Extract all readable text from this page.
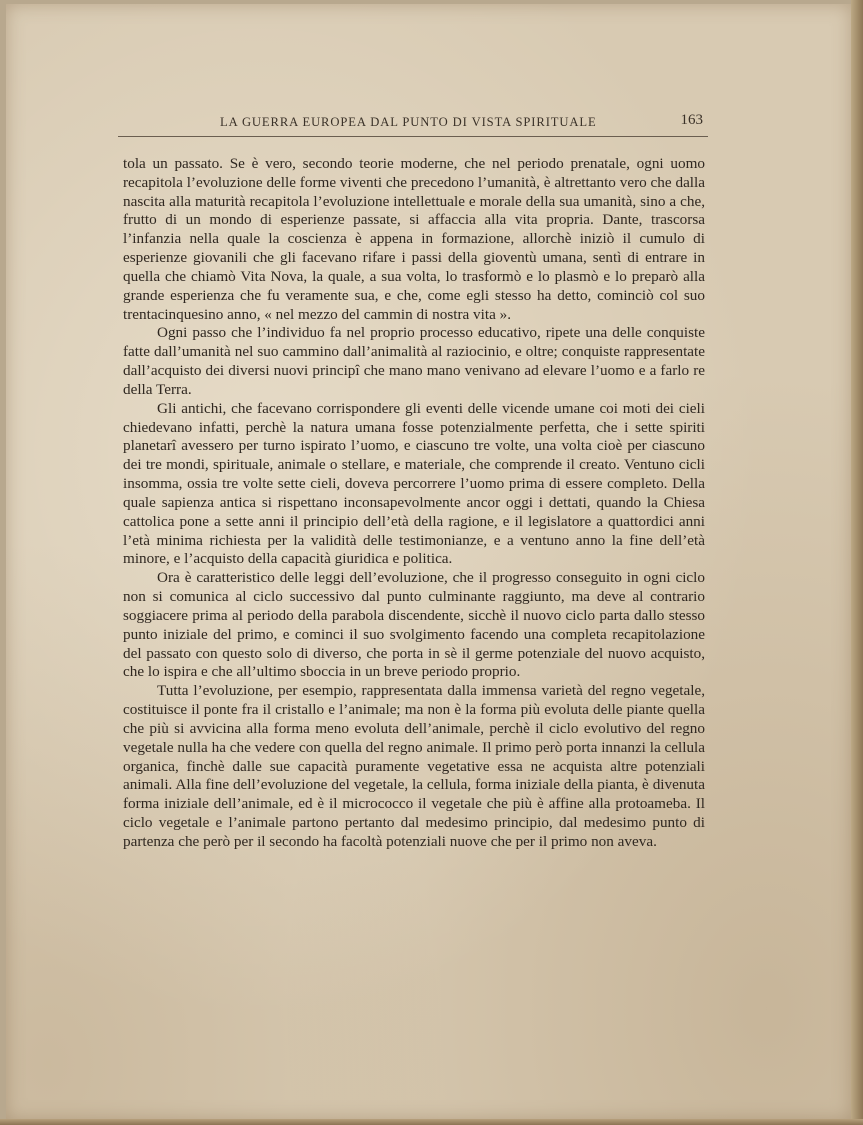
LA GUERRA EUROPEA DAL PUNTO DI VISTA SPIRITUALE	163

tola un passato. Se è vero, secondo teorie moderne, che nel periodo prenatale, ogni uomo recapitola l’evoluzione delle forme viventi che precedono l’umanità, è altrettanto vero che dalla nascita alla maturità recapitola l’evoluzione intellettuale e morale della sua umanità, sino a che, frutto di un mondo di esperienze passate, si affaccia alla vita propria. Dante, trascorsa l’infanzia nella quale la coscienza è appena in formazione, allorchè iniziò il cumulo di esperienze giovanili che gli facevano rifare i passi della gioventù umana, sentì di entrare in quella che chiamò Vita Nova, la quale, a sua volta, lo trasformò e lo plasmò e lo preparò alla grande esperienza che fu veramente sua, e che, come egli stesso ha detto, cominciò col suo trentacinquesino anno, « nel mezzo del cammin di nostra vita ».

Ogni passo che l’individuo fa nel proprio processo educativo, ripete una delle conquiste fatte dall’umanità nel suo cammino dall’animalità al raziocinio, e oltre; conquiste rappresentate dall’acquisto dei diversi nuovi principî che mano mano venivano ad elevare l’uomo e a farlo re della Terra.

Gli antichi, che facevano corrispondere gli eventi delle vicende umane coi moti dei cieli chiedevano infatti, perchè la natura umana fosse potenzialmente perfetta, che i sette spiriti planetarî avessero per turno ispirato l’uomo, e ciascuno tre volte, una volta cioè per ciascuno dei tre mondi, spirituale, animale o stellare, e materiale, che comprende il creato. Ventuno cicli insomma, ossia tre volte sette cieli, doveva percorrere l’uomo prima di essere completo. Della quale sapienza antica si rispettano inconsapevolmente ancor oggi i dettati, quando la Chiesa cattolica pone a sette anni il principio dell’età della ragione, e il legislatore a quattordici anni l’età minima richiesta per la validità delle testimonianze, e a ventuno anno la fine dell’età minore, e l’acquisto della capacità giuridica e politica.

Ora è caratteristico delle leggi dell’evoluzione, che il progresso conseguito in ogni ciclo non si comunica al ciclo successivo dal punto culminante raggiunto, ma deve al contrario soggiacere prima al periodo della parabola discendente, sicchè il nuovo ciclo parta dallo stesso punto iniziale del primo, e cominci il suo svolgimento facendo una completa recapitolazione del passato con questo solo di diverso, che porta in sè il germe potenziale del nuovo acquisto, che lo ispira e che all’ultimo sboccia in un breve periodo proprio.

Tutta l’evoluzione, per esempio, rappresentata dalla immensa varietà del regno vegetale, costituisce il ponte fra il cristallo e l’animale; ma non è la forma più evoluta delle piante quella che più si avvicina alla forma meno evoluta dell’animale, perchè il ciclo evolutivo del regno vegetale nulla ha che vedere con quella del regno animale. Il primo però porta innanzi la cellula organica, finchè dalle sue capacità puramente vegetative essa ne acquista altre potenziali animali. Alla fine dell’evoluzione del vegetale, la cellula, forma iniziale della pianta, è divenuta forma iniziale dell’animale, ed è il micrococco il vegetale che più è affine alla protoameba. Il ciclo vegetale e l’animale partono pertanto dal medesimo principio, dal medesimo punto di partenza che però per il secondo ha facoltà potenziali nuove che per il primo non aveva.
